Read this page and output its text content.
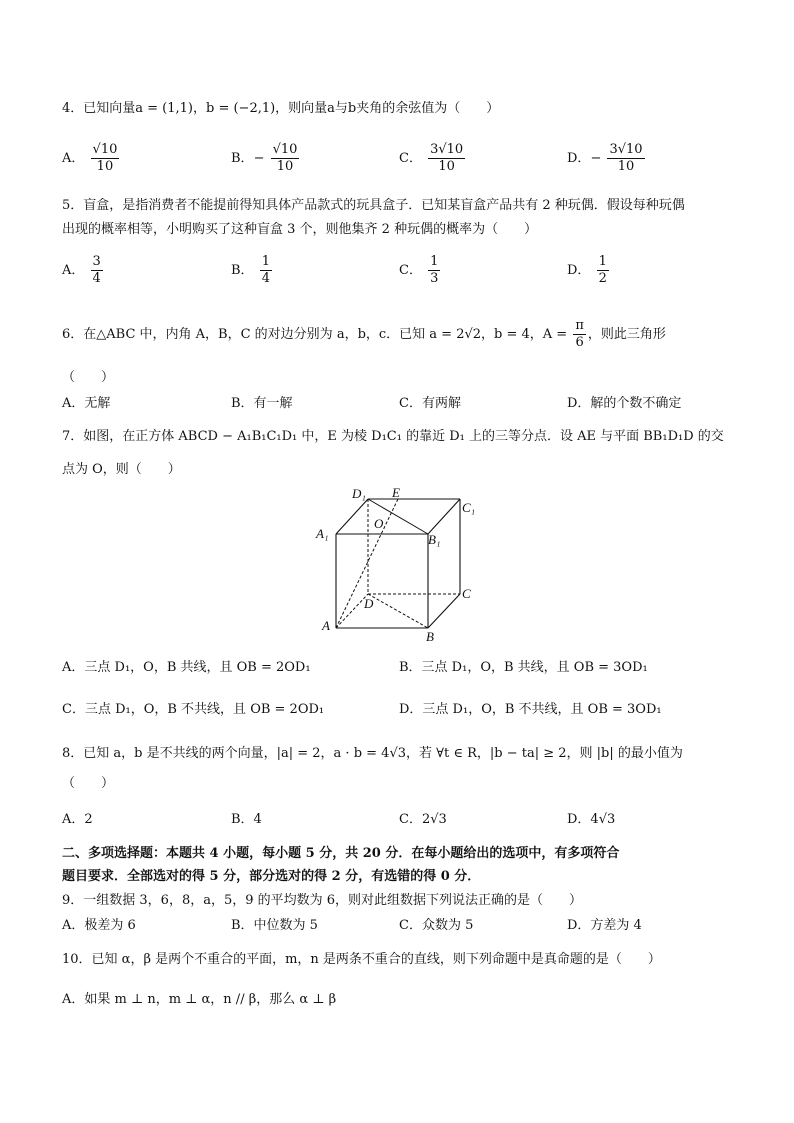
4．已知向量a = (1,1)，b = (−2,1)，则向量a与b夹角的余弦值为（　　）
A． $\frac{√10}{10}$	B．− $\frac{√10}{10}$	C． $\frac{3√10}{10}$	D．− $\frac{3√10}{10}$
5．盲盒，是指消费者不能提前得知具体产品款式的玩具盒子．已知某盲盒产品共有 2 种玩偶．假设每种玩偶
出现的概率相等，小明购买了这种盲盒 3 个，则他集齐 2 种玩偶的概率为（　　）
A． $\frac{3}{4}$	B． $\frac{1}{4}$	C． $\frac{1}{3}$	D． $\frac{1}{2}$
6．在△ABC 中，内角 A，B，C 的对边分别为 a，b，c．已知 a = 2√2，b = 4，$A = \frac{\pi}{6}$ ，则此三角形
（　　）
A．无解	B．有一解	C．有两解	D．解的个数不确定
7．如图，在正方体 ABCD − A₁B₁C₁D₁ 中，E 为棱 D₁C₁ 的靠近 D₁ 上的三等分点．设 AE 与平面 BB₁D₁D 的交
点为 O，则（　　）
D₁ E
C₁
A₁	B₁
O
D
C
A
B
A．三点 D₁，O，B 共线，且 OB = 2OD₁	B．三点 D₁，O，B 共线，且 OB = 3OD₁
C．三点 D₁，O，B 不共线，且 OB = 2OD₁	D．三点 D₁，O，B 不共线，且 OB = 3OD₁
8．已知 a，b 是不共线的两个向量，|a| = 2，a · b = 4√3，若 ∀t ∈ R，|b − ta| ≥ 2，则 |b| 的最小值为
（　　）
A．2	B．4	C．2√3	D．4√3
二、多项选择题：本题共 4 小题，每小题 5 分，共 20 分．在每小题给出的选项中，有多项符合
题目要求．全部选对的得 5 分，部分选对的得 2 分，有选错的得 0 分．
9．一组数据 3，6，8，a，5，9 的平均数为 6，则对此组数据下列说法正确的是（　　）
A．极差为 6	B．中位数为 5	C．众数为 5	D．方差为 4
10．已知 α，β 是两个不重合的平面，m，n 是两条不重合的直线，则下列命题中是真命题的是（　　）
A．如果 m ⊥ n，m ⊥ α，n // β，那么 α ⊥ β
